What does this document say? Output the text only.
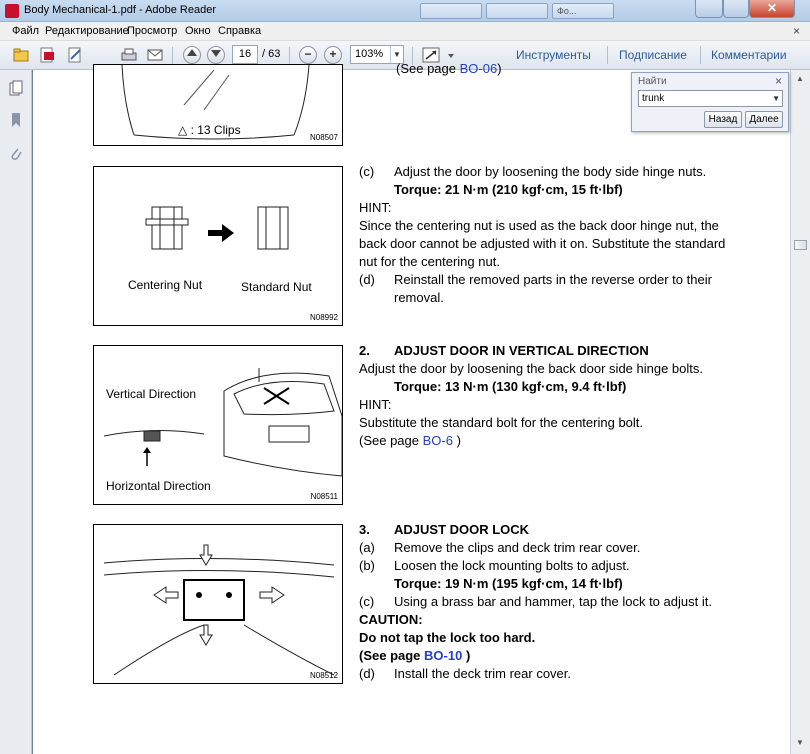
Body Mechanical-1.pdf - Adobe Reader	Фо...	✕
Файл Редактирование
Просмотр Окно Справка	×
−	+
16 / 63	103%	▼	Инструменты Подписание Комментарии
△ : 13 Clips
N08507
(See page BO-06)
Centering Nut	Standard Nut
N08992
(c) Adjust the door by loosening the body side hinge nuts.
Torque: 21 N·m (210 kgf·cm, 15 ft·lbf)
HINT:
Since the centering nut is used as the back door hinge nut, the
back door cannot be adjusted with it on. Substitute the standard
nut for the centering nut.
(d) Reinstall the removed parts in the reverse order to their
removal.
Vertical Direction
Horizontal Direction
N08511
2. ADJUST DOOR IN VERTICAL DIRECTION
Adjust the door by loosening the back door side hinge bolts.
Torque: 13 N·m (130 kgf·cm, 9.4 ft·lbf)
HINT:
Substitute the standard bolt for the centering bolt.
(See page BO-6 )
N08512
3. ADJUST DOOR LOCK
(a) Remove the clips and deck trim rear cover.
(b) Loosen the lock mounting bolts to adjust.
Torque: 19 N·m (195 kgf·cm, 14 ft·lbf)
(c) Using a brass bar and hammer, tap the lock to adjust it.
CAUTION:
Do not tap the lock too hard.
(See page BO-10 )
(d) Install the deck trim rear cover.
▲
▼
Найти	×
trunk	▼
Назад	Далее
